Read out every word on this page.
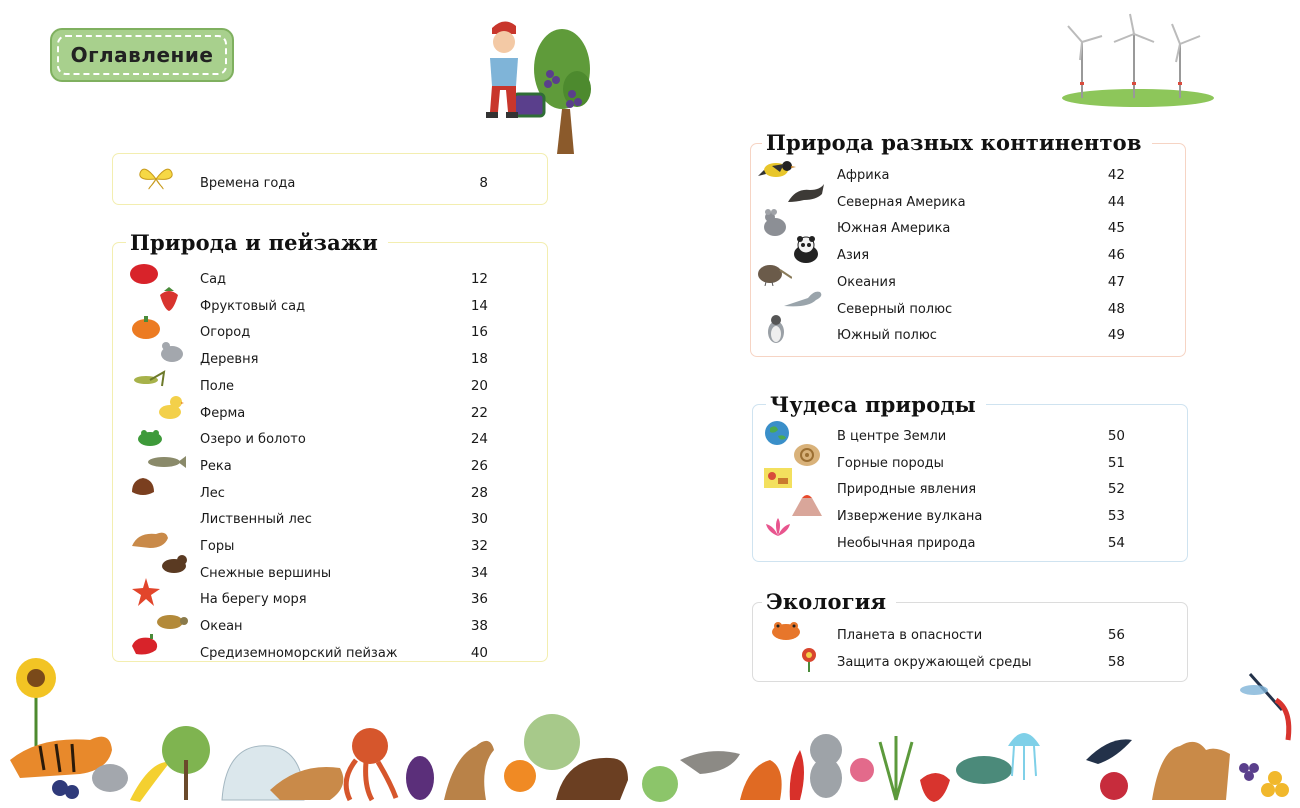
Оглавление
Времена года	8
Природа и пейзажи
Сад	12
Фруктовый сад	14
Огород	16
Деревня	18
Поле	20
Ферма	22
Озеро и болото	24
Река	26
Лес	28
Лиственный лес	30
Горы	32
Снежные вершины	34
На берегу моря	36
Океан	38
Средиземноморский пейзаж	40
Природа разных континентов
Африка	42
Северная Америка	44
Южная Америка	45
Азия	46
Океания	47
Северный полюс	48
Южный полюс	49
Чудеса природы
В центре Земли	50
Горные породы	51
Природные явления	52
Извержение вулкана	53
Необычная природа	54
Экология
Планета в опасности	56
Защита окружающей среды	58
